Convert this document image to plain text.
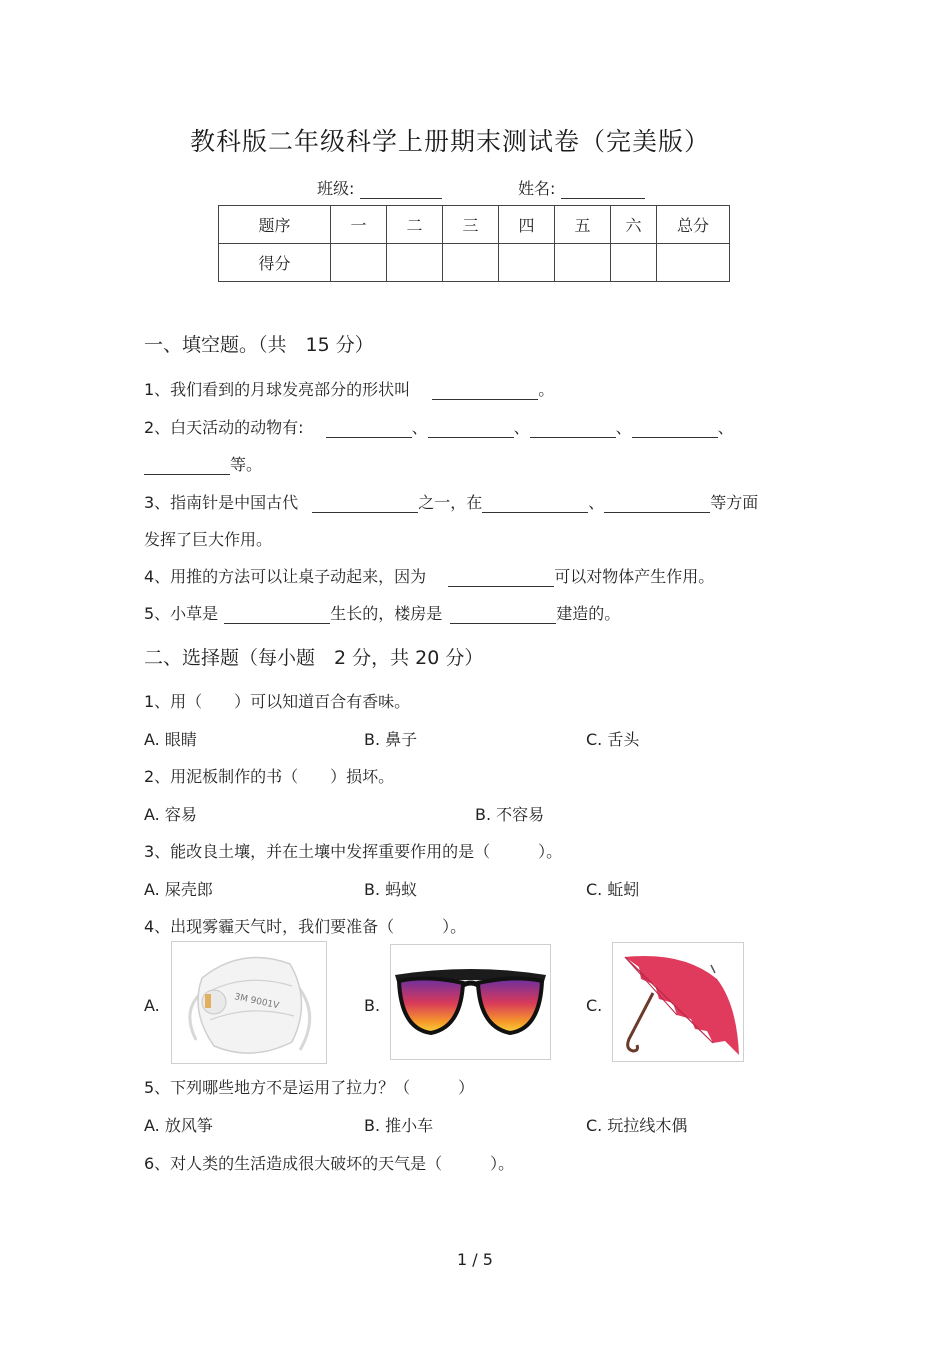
教科版二年级科学上册期末测试卷（完美版）
班级:	姓名:
题序	一	二	三	四	五	六	总分
得分							
一、填空题。（共　15 分）
1、我们看到的月球发亮部分的形状叫	。
2、白天活动的动物有:	、	、	、	、
等。
3、指南针是中国古代	之一，在	、	等方面
发挥了巨大作用。
4、用推的方法可以让桌子动起来，因为	可以对物体产生作用。
5、小草是	生长的，楼房是	建造的。
二、选择题（每小题　2 分，共 20 分）
1、用（　　）可以知道百合有香味。
A. 眼睛	B. 鼻子	C. 舌头
2、用泥板制作的书（　　）损坏。
A. 容易	B. 不容易
3、能改良土壤，并在土壤中发挥重要作用的是（　　　）。
A. 屎壳郎	B. 蚂蚁	C. 蚯蚓
4、出现雾霾天气时，我们要准备（　　　）。
A.	3M 9001V	B.	C.
5、下列哪些地方不是运用了拉力？（　　　）
A. 放风筝	B. 推小车	C. 玩拉线木偶
6、对人类的生活造成很大破坏的天气是（　　　）。
1 / 5
